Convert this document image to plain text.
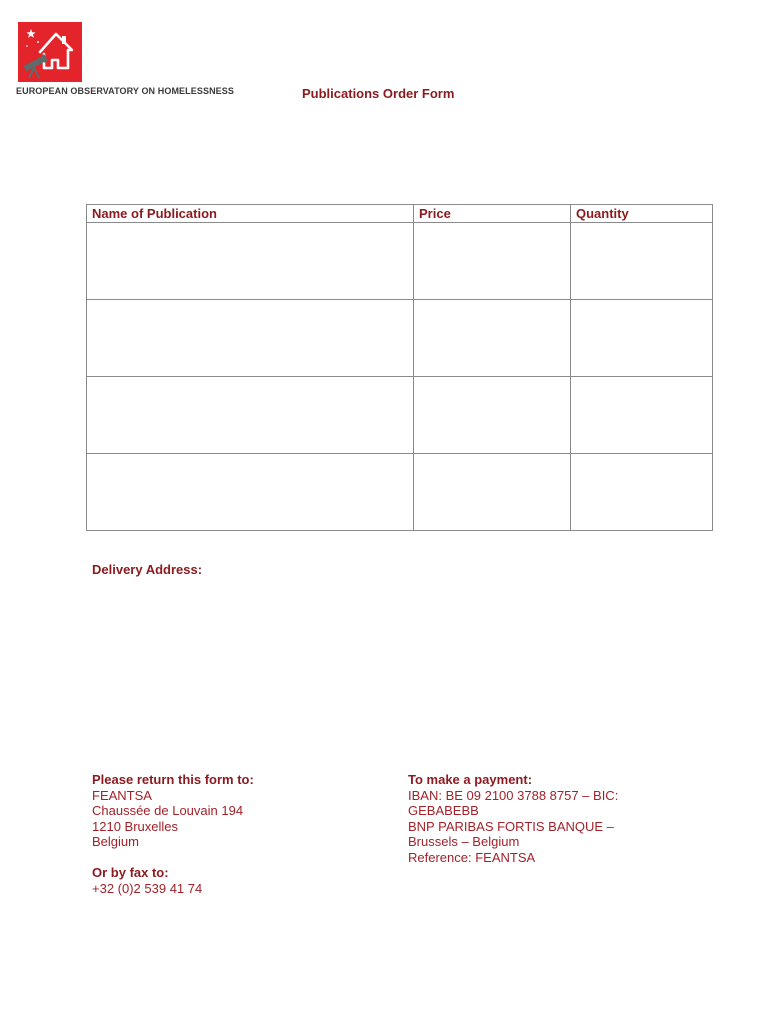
EUROPEAN OBSERVATORY ON HOMELESSNESS	Publications Order Form
Name of Publication	Price	Quantity

Delivery Address:
Please return this form to:
FEANTSA
Chaussée de Louvain 194
1210 Bruxelles
Belgium
Or by fax to:
+32 (0)2 539 41 74
To make a payment:
IBAN: BE 09 2100 3788 8757 – BIC:
GEBABEBB
BNP PARIBAS FORTIS BANQUE –
Brussels – Belgium
Reference: FEANTSA
